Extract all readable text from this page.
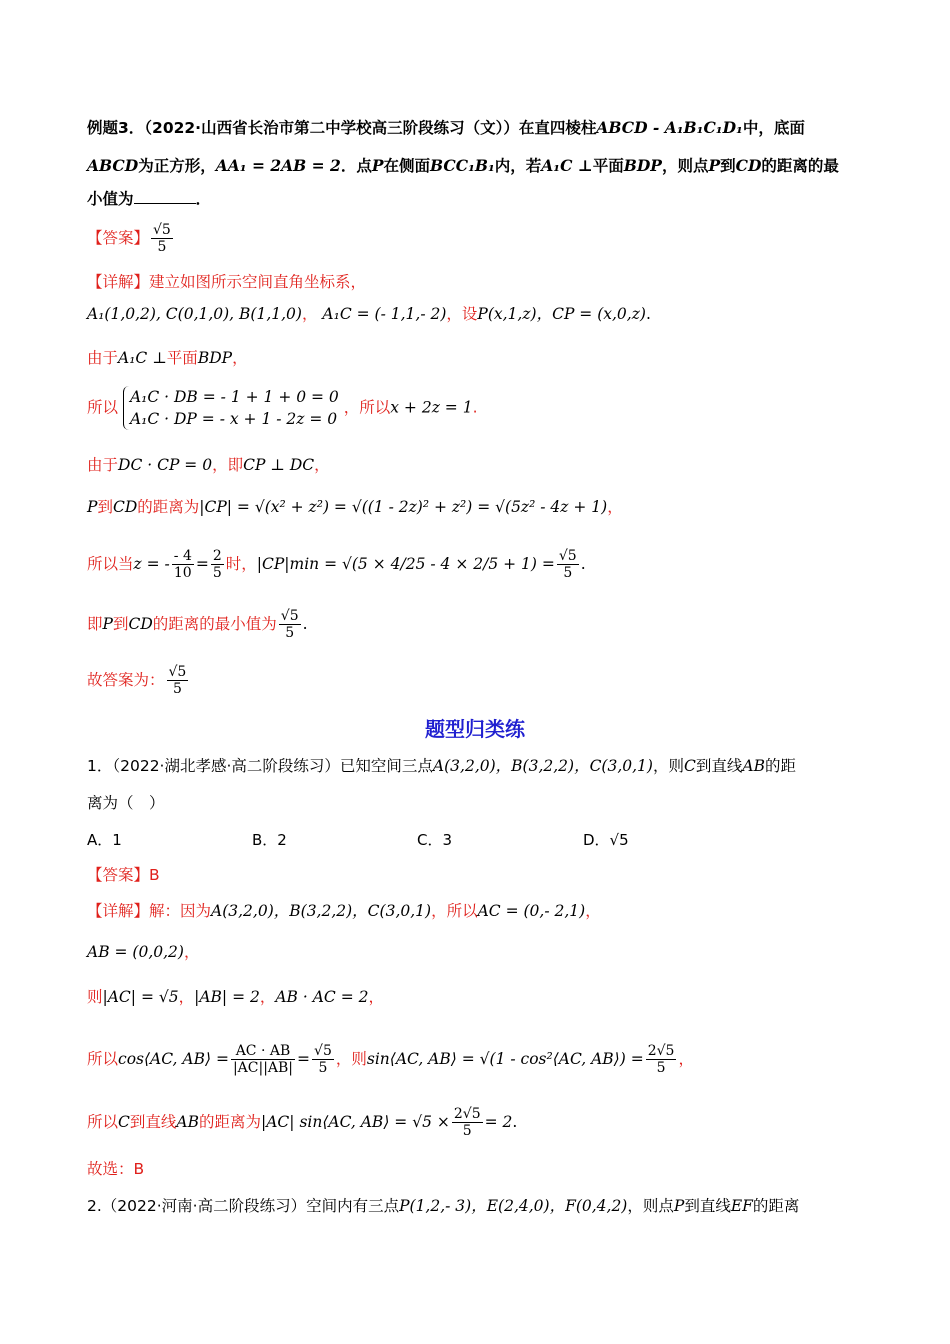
例题3．（2022·山西省长治市第二中学校高三阶段练习（文））在直四棱柱ABCD - A₁B₁C₁D₁中，底面
ABCD为正方形，AA₁ = 2AB = 2．点P在侧面BCC₁B₁内，若A₁C ⊥平面BDP，则点P到CD的距离的最
小值为	．
【答案】 $\frac{√5}{5}$
【详解】建立如图所示空间直角坐标系，
A₁(1,0,2), C(0,1,0), B(1,1,0)， A₁C = (- 1,1,- 2)，设P(x,1,z)，CP = (x,0,z).
由于A₁C ⊥平面BDP，
所以
A₁C · DB = - 1 + 1 + 0 = 0
A₁C · DP = - x + 1 - 2z = 0
，所以x + 2z = 1.
由于DC · CP = 0，即CP ⊥ DC，
P到CD的距离为|CP| = √(x² + z²) = √((1 - 2z)² + z²) = √(5z² - 4z + 1)，
所以当z = - $\frac{- 4}{10} = \frac{2}{5}$ 时，$|CP|\min = √(5 \times 4/25 - 4 \times 2/5 + 1) = \frac{√5}{5}$ .
即P到CD的距离的最小值为 $\frac{√5}{5}$ .
故答案为： $\frac{√5}{5}$
题型归类练
1．（2022·湖北孝感·高二阶段练习）已知空间三点A(3,2,0)，B(3,2,2)，C(3,0,1)，则C到直线AB的距
离为（　）
A．1	B．2	C．3	D．√5
【答案】B
【详解】解：因为A(3,2,0)，B(3,2,2)，C(3,0,1)，所以AC = (0,- 2,1)，
AB = (0,0,2)，
则|AC| = √5，|AB| = 2，AB · AC = 2，
所以cos⟨AC, AB⟩ = $\frac{AC \cdot AB}{|AC||AB|} = \frac{√5}{5}$ ，则sin⟨AC, AB⟩ = √(1 - cos²⟨AC, AB⟩) = $\frac{2√5}{5}$ ，
所以C到直线AB的距离为|AC| sin⟨AC, AB⟩ = $√5 \times \frac{2√5}{5} = 2$.
故选：B
2.（2022·河南·高二阶段练习）空间内有三点P(1,2,- 3)，E(2,4,0)，F(0,4,2)，则点P到直线EF的距离
